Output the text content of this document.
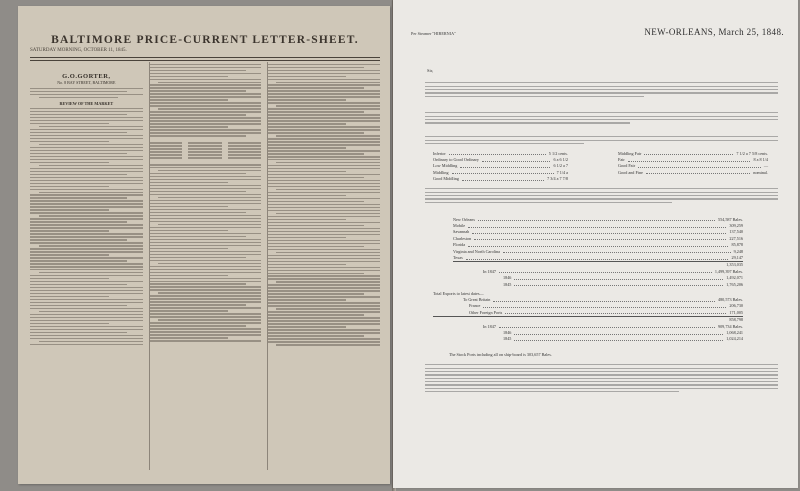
BALTIMORE PRICE-CURRENT LETTER-SHEET.
SATURDAY MORNING, OCTOBER 11, 1845.

G.O.GORTER,
No. 8 BAY STREET, BALTIMORE
REVIEW OF THE MARKET
Per Steamer "HIBERNIA"	NEW-ORLEANS, March 25, 1848.
Sir,
Inferior	5 1/2 cents.
Ordinary to Good Ordinary	6 a 6 1/2
Low Middling	6 1/2 a 7
Middling	7 1/4 a
Good Middling	7 3/4 a 7 7/8
Middling Fair	7 1/2 a 7 5/8 cents.
Fair	8 a 8 1/4
Good Fair	—
Good and Fine	nominal.
New Orleans	554,587 Bales.
Mobile	309,259
Savannah	137,540
Charleston	227,516
Florida	85,878
Virginia and North Carolina	9,248
Texas	29,147
1,353,035
In 1847	1,499,397 Bales.
1846	1,492,071
1845	1,765,206
Total Exports to latest dates—
To Great Britain	480,573 Bales.
France	206,730
Other Foreign Ports	171,005
858,798
In 1847	909,734 Bales.
1846	1,068,241
1845	1,024,214
The Stock Ports including all on ship-board is 303,657 Bales.
